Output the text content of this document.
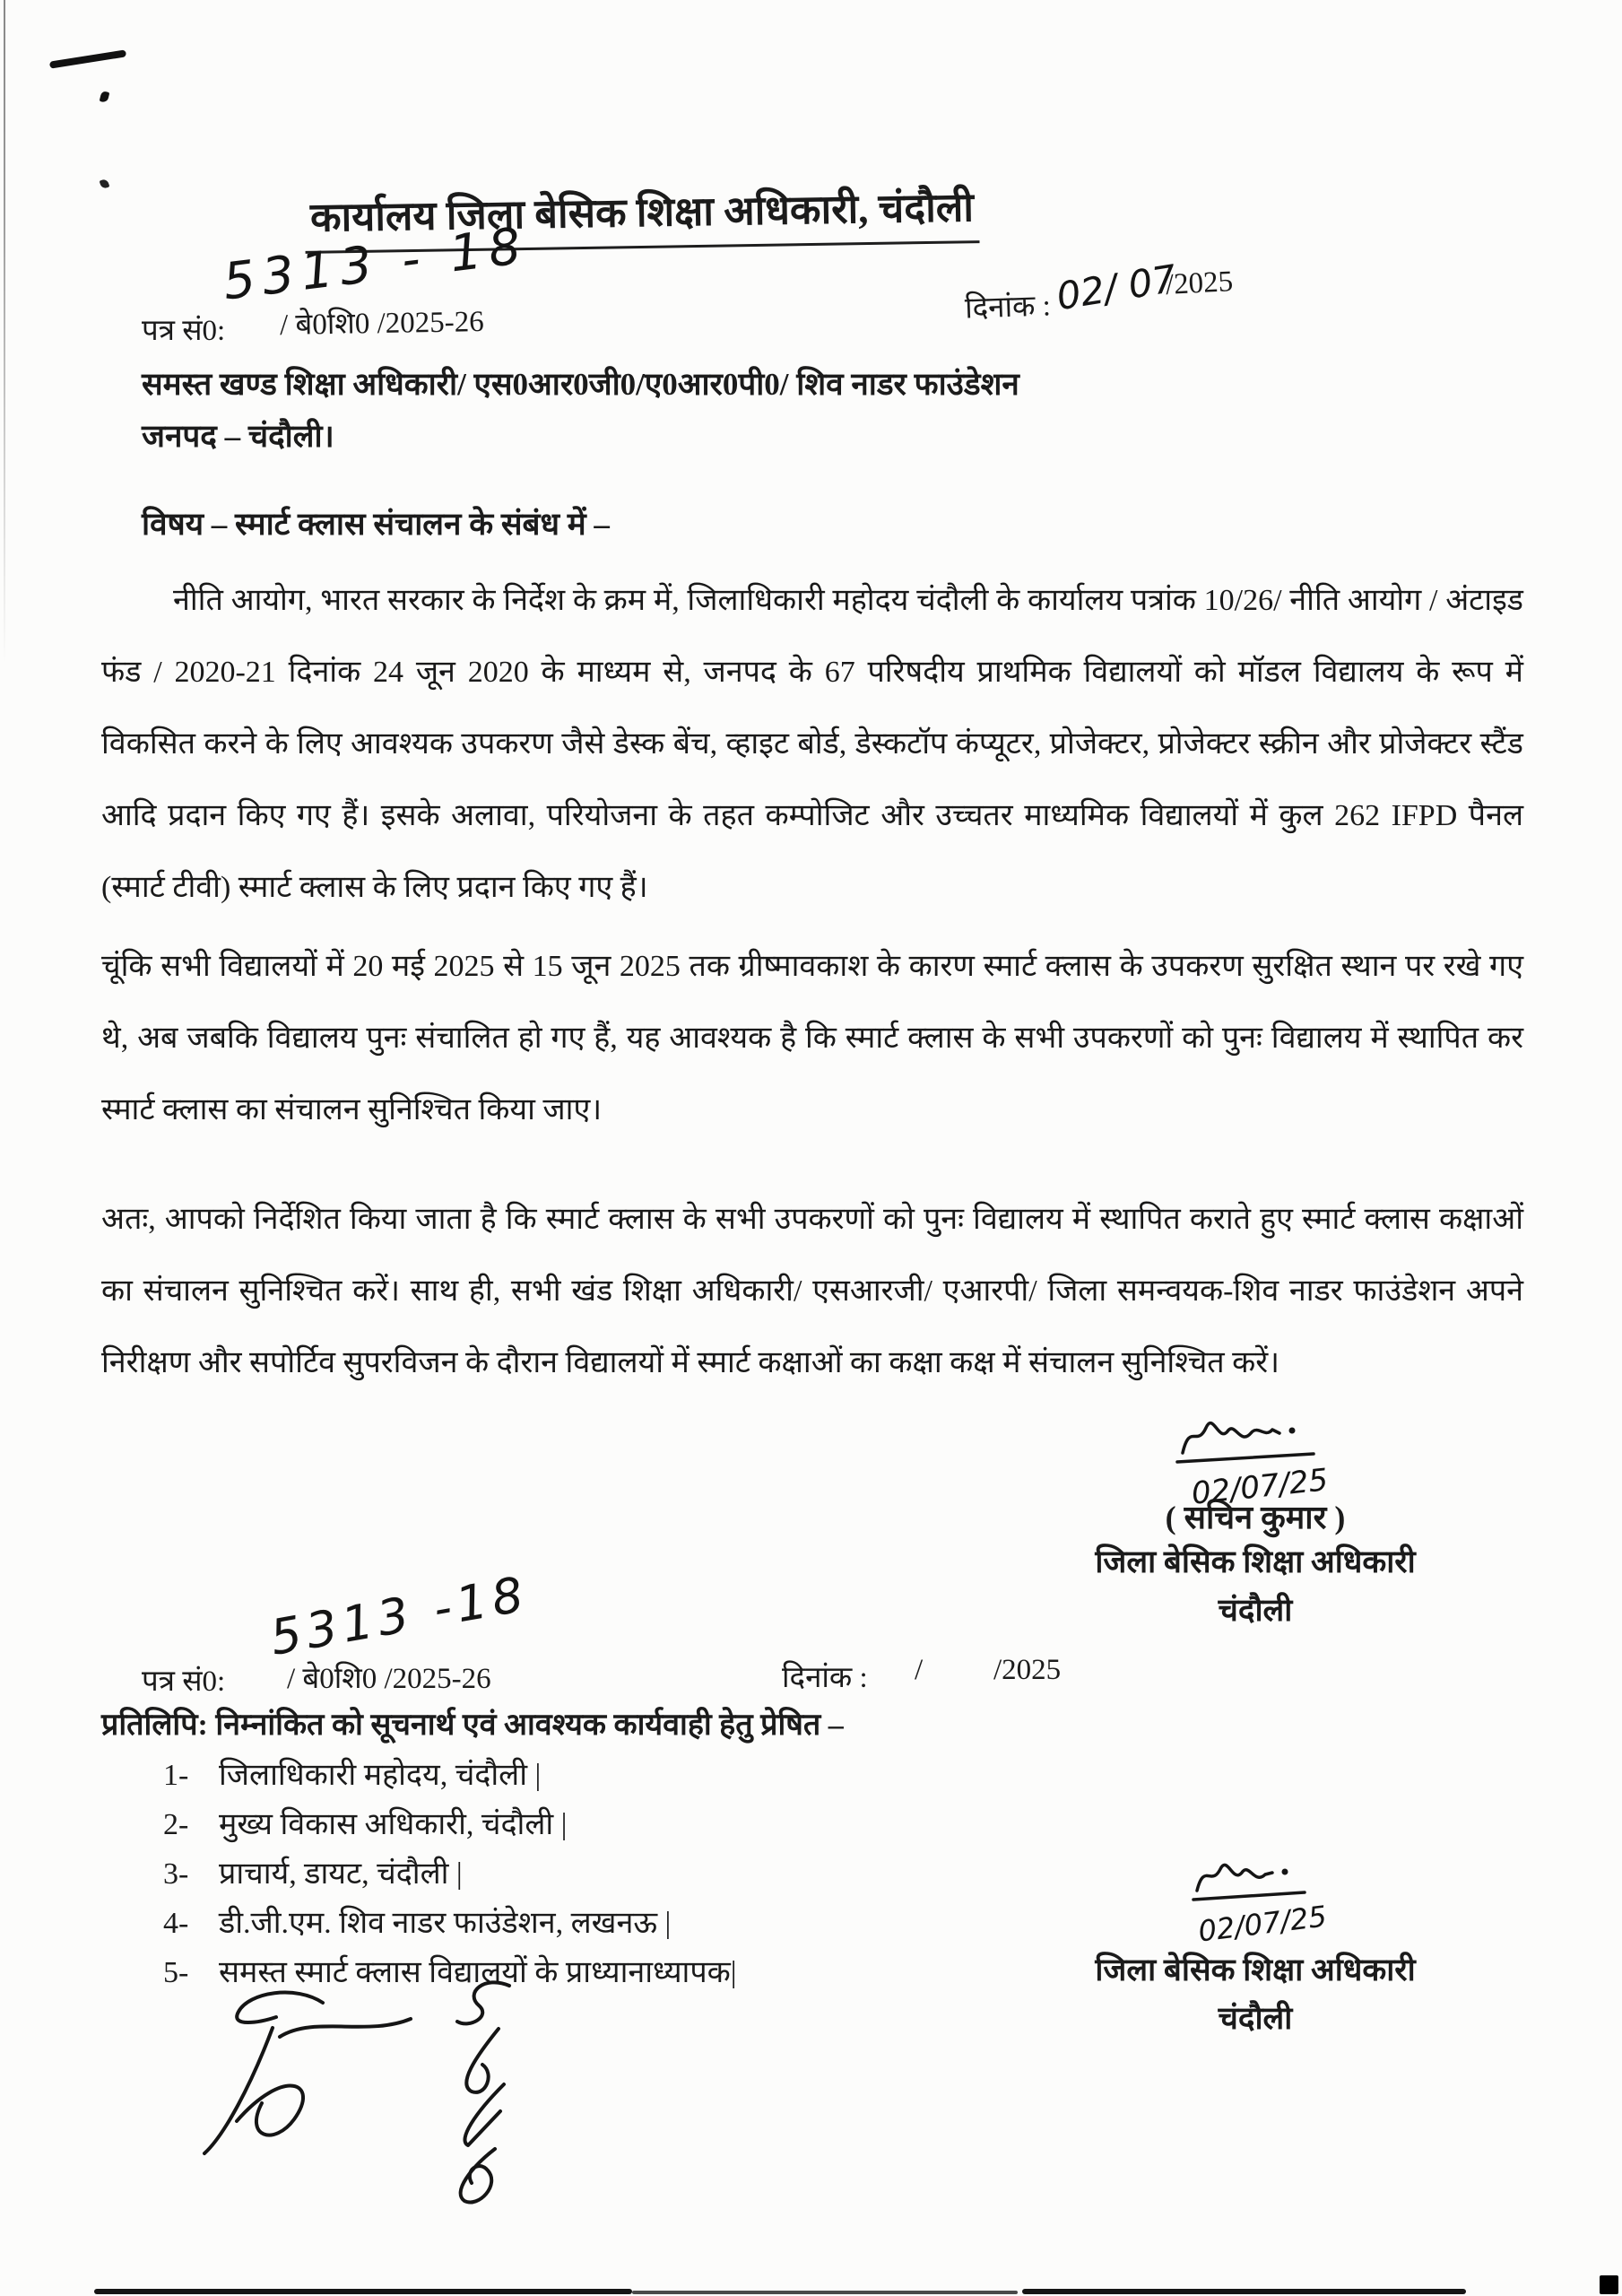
कार्यालय जिला बेसिक शिक्षा अधिकारी, चंदौली
5313 - 18
पत्र सं0: / बे0शि0 /2025-26	दिनांक : 02/ 07
/2025
समस्त खण्ड शिक्षा अधिकारी/ एस0आर0जी0/ए0आर0पी0/ शिव नाडर फाउंडेशन
जनपद – चंदौली।
विषय – स्मार्ट क्लास संचालन के संबंध में –
नीति आयोग, भारत सरकार के निर्देश के क्रम में, जिलाधिकारी महोदय चंदौली के कार्यालय पत्रांक 10/26/ नीति आयोग / अंटाइड फंड / 2020-21 दिनांक 24 जून 2020 के माध्यम से, जनपद के 67 परिषदीय प्राथमिक विद्यालयों को मॉडल विद्यालय के रूप में विकसित करने के लिए आवश्यक उपकरण जैसे डेस्क बेंच, व्हाइट बोर्ड, डेस्कटॉप कंप्यूटर, प्रोजेक्टर, प्रोजेक्टर स्क्रीन और प्रोजेक्टर स्टैंड आदि प्रदान किए गए हैं। इसके अलावा, परियोजना के तहत कम्पोजिट और उच्चतर माध्यमिक विद्यालयों में कुल 262 IFPD पैनल (स्मार्ट टीवी) स्मार्ट क्लास के लिए प्रदान किए गए हैं।
चूंकि सभी विद्यालयों में 20 मई 2025 से 15 जून 2025 तक ग्रीष्मावकाश के कारण स्मार्ट क्लास के उपकरण सुरक्षित स्थान पर रखे गए थे, अब जबकि विद्यालय पुनः संचालित हो गए हैं, यह आवश्यक है कि स्मार्ट क्लास के सभी उपकरणों को पुनः विद्यालय में स्थापित कर स्मार्ट क्लास का संचालन सुनिश्चित किया जाए।
अतः, आपको निर्देशित किया जाता है कि स्मार्ट क्लास के सभी उपकरणों को पुनः विद्यालय में स्थापित कराते हुए स्मार्ट क्लास कक्षाओं का संचालन सुनिश्चित करें। साथ ही, सभी खंड शिक्षा अधिकारी/ एसआरजी/ एआरपी/ जिला समन्वयक-शिव नाडर फाउंडेशन अपने निरीक्षण और सपोर्टिव सुपरविजन के दौरान विद्यालयों में स्मार्ट कक्षाओं का कक्षा कक्ष में संचालन सुनिश्चित करें।
02/07/25
( सचिन कुमार )
जिला बेसिक शिक्षा अधिकारी
चंदौली
5313 -18
पत्र सं0: / बे0शि0 /2025-26	दिनांक : / /2025
प्रतिलिपि: निम्नांकित को सूचनार्थ एवं आवश्यक कार्यवाही हेतु प्रेषित –
1- जिलाधिकारी महोदय, चंदौली |
2- मुख्य विकास अधिकारी, चंदौली |
3- प्राचार्य, डायट, चंदौली |
4- डी.जी.एम. शिव नाडर फाउंडेशन, लखनऊ |
5- समस्त स्मार्ट क्लास विद्यालयों के प्राध्यानाध्यापक|
02/07/25
जिला बेसिक शिक्षा अधिकारी
चंदौली
